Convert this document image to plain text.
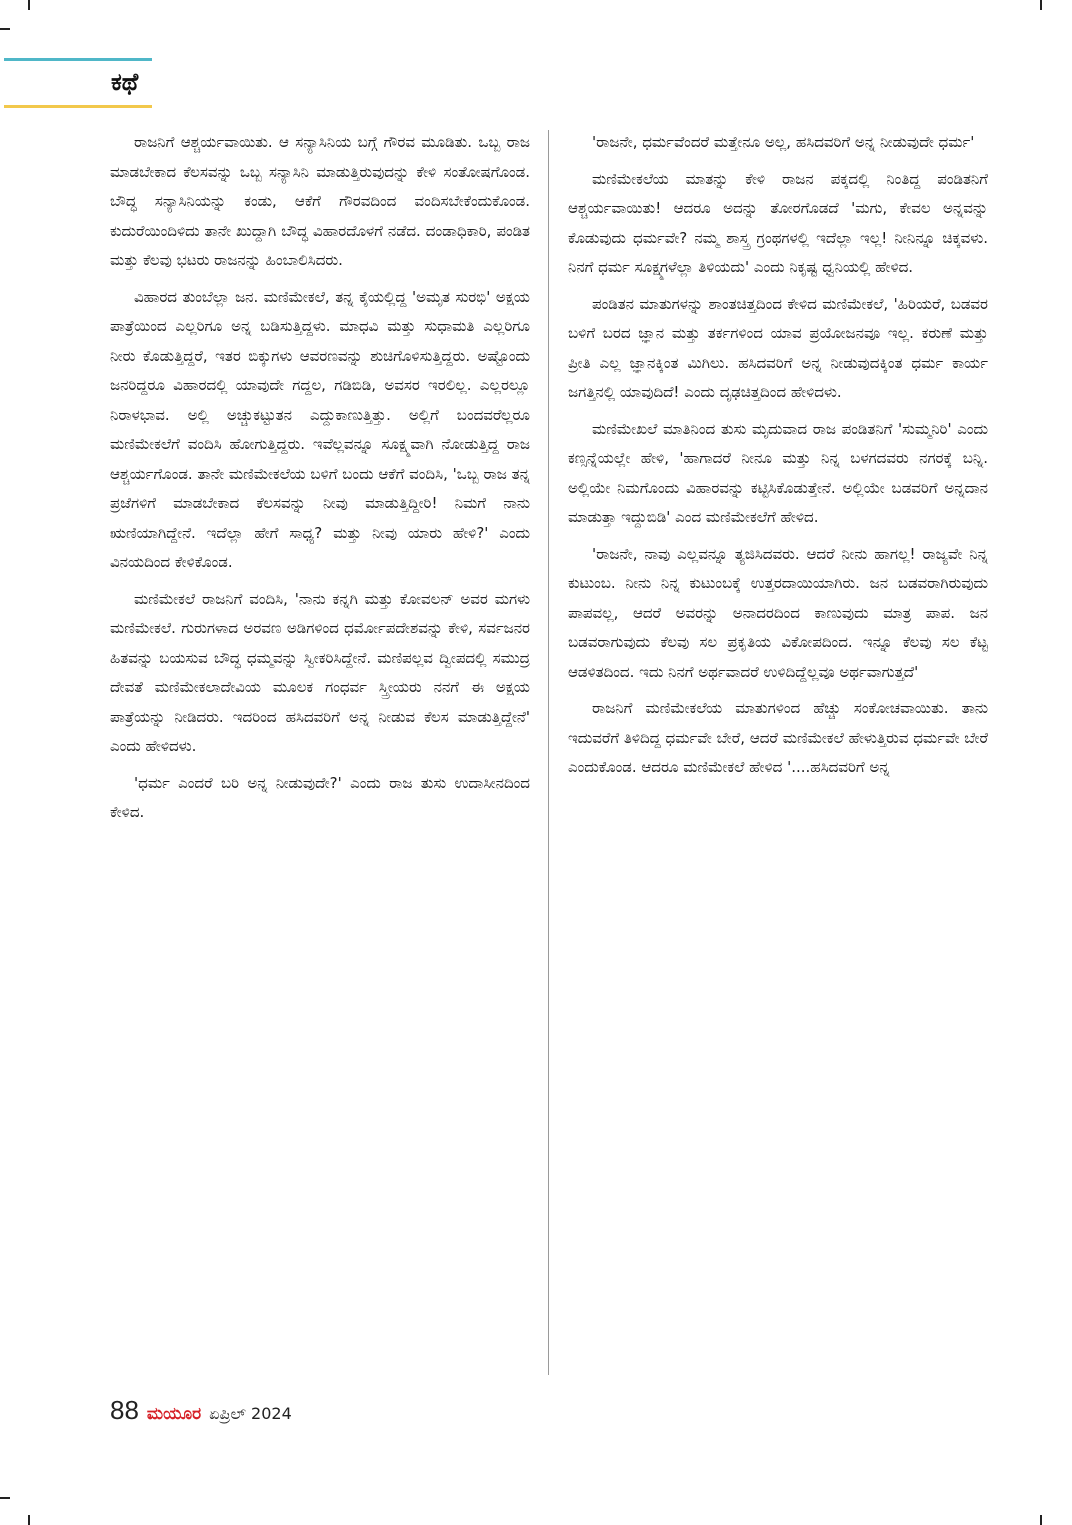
ಕಥೆ

ರಾಜನಿಗೆ ಆಶ್ಚರ್ಯವಾಯಿತು. ಆ ಸನ್ಯಾಸಿನಿಯ ಬಗ್ಗೆ ಗೌರವ ಮೂಡಿತು. ಒಬ್ಬ ರಾಜ ಮಾಡಬೇಕಾದ ಕೆಲಸವನ್ನು ಒಬ್ಬ ಸನ್ಯಾಸಿನಿ ಮಾಡುತ್ತಿರುವುದನ್ನು ಕೇಳಿ ಸಂತೋಷಗೊಂಡ. ಬೌದ್ಧ ಸನ್ಯಾಸಿನಿಯನ್ನು ಕಂಡು, ಆಕೆಗೆ ಗೌರವದಿಂದ ವಂದಿಸಬೇಕೆಂದುಕೊಂಡ. ಕುದುರೆಯಿಂದಿಳಿದು ತಾನೇ ಖುದ್ದಾಗಿ ಬೌದ್ಧ ವಿಹಾರದೊಳಗೆ ನಡೆದ. ದಂಡಾಧಿಕಾರಿ, ಪಂಡಿತ ಮತ್ತು ಕೆಲವು ಭಟರು ರಾಜನನ್ನು ಹಿಂಬಾಲಿಸಿದರು.

ವಿಹಾರದ ತುಂಬೆಲ್ಲಾ ಜನ. ಮಣಿಮೇಕಲೆ, ತನ್ನ ಕೈಯಲ್ಲಿದ್ದ 'ಅಮೃತ ಸುರಭಿ' ಅಕ್ಷಯ ಪಾತ್ರೆಯಿಂದ ಎಲ್ಲರಿಗೂ ಅನ್ನ ಬಡಿಸುತ್ತಿದ್ದಳು. ಮಾಧವಿ ಮತ್ತು ಸುಧಾಮತಿ ಎಲ್ಲರಿಗೂ ನೀರು ಕೊಡುತ್ತಿದ್ದರೆ, ಇತರ ಬಿಕ್ಕುಗಳು ಆವರಣವನ್ನು ಶುಚಿಗೊಳಿಸುತ್ತಿದ್ದರು. ಅಷ್ಟೊಂದು ಜನರಿದ್ದರೂ ವಿಹಾರದಲ್ಲಿ ಯಾವುದೇ ಗದ್ದಲ, ಗಡಿಬಿಡಿ, ಅವಸರ ಇರಲಿಲ್ಲ. ಎಲ್ಲರಲ್ಲೂ ನಿರಾಳಭಾವ. ಅಲ್ಲಿ ಅಚ್ಚುಕಟ್ಟುತನ ಎದ್ದುಕಾಣುತ್ತಿತ್ತು. ಅಲ್ಲಿಗೆ ಬಂದವರೆಲ್ಲರೂ ಮಣಿಮೇಕಲೆಗೆ ವಂದಿಸಿ ಹೋಗುತ್ತಿದ್ದರು. ಇವೆಲ್ಲವನ್ನೂ ಸೂಕ್ಷ್ಮವಾಗಿ ನೋಡುತ್ತಿದ್ದ ರಾಜ ಆಶ್ಚರ್ಯಗೊಂಡ. ತಾನೇ ಮಣಿಮೇಕಲೆಯ ಬಳಿಗೆ ಬಂದು ಆಕೆಗೆ ವಂದಿಸಿ, 'ಒಬ್ಬ ರಾಜ ತನ್ನ ಪ್ರಜೆಗಳಿಗೆ ಮಾಡಬೇಕಾದ ಕೆಲಸವನ್ನು ನೀವು ಮಾಡುತ್ತಿದ್ದೀರಿ! ನಿಮಗೆ ನಾನು ಋಣಿಯಾಗಿದ್ದೇನೆ. ಇದೆಲ್ಲಾ ಹೇಗೆ ಸಾಧ್ಯ? ಮತ್ತು ನೀವು ಯಾರು ಹೇಳಿ?' ಎಂದು ವಿನಯದಿಂದ ಕೇಳಿಕೊಂಡ.

ಮಣಿಮೇಕಲೆ ರಾಜನಿಗೆ ವಂದಿಸಿ, 'ನಾನು ಕನ್ನಗಿ ಮತ್ತು ಕೋವಲನ್ ಅವರ ಮಗಳು ಮಣಿಮೇಕಲೆ. ಗುರುಗಳಾದ ಅರವಣ ಅಡಿಗಳಿಂದ ಧರ್ಮೋಪದೇಶವನ್ನು ಕೇಳಿ, ಸರ್ವಜನರ ಹಿತವನ್ನು ಬಯಸುವ ಬೌದ್ಧ ಧಮ್ಮವನ್ನು ಸ್ವೀಕರಿಸಿದ್ದೇನೆ. ಮಣಿಪಲ್ಲವ ದ್ವೀಪದಲ್ಲಿ ಸಮುದ್ರ ದೇವತೆ ಮಣಿಮೇಕಲಾದೇವಿಯ ಮೂಲಕ ಗಂಧರ್ವ ಸ್ತ್ರೀಯರು ನನಗೆ ಈ ಅಕ್ಷಯ ಪಾತ್ರೆಯನ್ನು ನೀಡಿದರು. ಇದರಿಂದ ಹಸಿದವರಿಗೆ ಅನ್ನ ನೀಡುವ ಕೆಲಸ ಮಾಡುತ್ತಿದ್ದೇನೆ' ಎಂದು ಹೇಳಿದಳು.

'ಧರ್ಮ ಎಂದರೆ ಬರಿ ಅನ್ನ ನೀಡುವುದೇ?' ಎಂದು ರಾಜ ತುಸು ಉದಾಸೀನದಿಂದ ಕೇಳಿದ.

'ರಾಜನೇ, ಧರ್ಮವೆಂದರೆ ಮತ್ತೇನೂ ಅಲ್ಲ, ಹಸಿದವರಿಗೆ ಅನ್ನ ನೀಡುವುದೇ ಧರ್ಮ'

ಮಣಿಮೇಕಲೆಯ ಮಾತನ್ನು ಕೇಳಿ ರಾಜನ ಪಕ್ಕದಲ್ಲಿ ನಿಂತಿದ್ದ ಪಂಡಿತನಿಗೆ ಆಶ್ಚರ್ಯವಾಯಿತು! ಆದರೂ ಅದನ್ನು ತೋರಗೊಡದೆ 'ಮಗು, ಕೇವಲ ಅನ್ನವನ್ನು ಕೊಡುವುದು ಧರ್ಮವೇ? ನಮ್ಮ ಶಾಸ್ತ್ರ ಗ್ರಂಥಗಳಲ್ಲಿ ಇದೆಲ್ಲಾ ಇಲ್ಲ! ನೀನಿನ್ನೂ ಚಿಕ್ಕವಳು. ನಿನಗೆ ಧರ್ಮ ಸೂಕ್ಷ್ಮಗಳೆಲ್ಲಾ ತಿಳಿಯದು' ಎಂದು ನಿಕೃಷ್ಟ ಧ್ವನಿಯಲ್ಲಿ ಹೇಳಿದ.

ಪಂಡಿತನ ಮಾತುಗಳನ್ನು ಶಾಂತಚಿತ್ತದಿಂದ ಕೇಳಿದ ಮಣಿಮೇಕಲೆ, 'ಹಿರಿಯರೆ, ಬಡವರ ಬಳಿಗೆ ಬರದ ಜ್ಞಾನ ಮತ್ತು ತರ್ಕಗಳಿಂದ ಯಾವ ಪ್ರಯೋಜನವೂ ಇಲ್ಲ. ಕರುಣೆ ಮತ್ತು ಪ್ರೀತಿ ಎಲ್ಲ ಜ್ಞಾನಕ್ಕಿಂತ ಮಿಗಿಲು. ಹಸಿದವರಿಗೆ ಅನ್ನ ನೀಡುವುದಕ್ಕಿಂತ ಧರ್ಮ ಕಾರ್ಯ ಜಗತ್ತಿನಲ್ಲಿ ಯಾವುದಿದೆ! ಎಂದು ದೃಢಚಿತ್ತದಿಂದ ಹೇಳಿದಳು.

ಮಣಿಮೇಖಲೆ ಮಾತಿನಿಂದ ತುಸು ಮೃದುವಾದ ರಾಜ ಪಂಡಿತನಿಗೆ 'ಸುಮ್ಮನಿರಿ' ಎಂದು ಕಣ್ಸನ್ನೆಯಲ್ಲೇ ಹೇಳಿ, 'ಹಾಗಾದರೆ ನೀನೂ ಮತ್ತು ನಿನ್ನ ಬಳಗದವರು ನಗರಕ್ಕೆ ಬನ್ನಿ. ಅಲ್ಲಿಯೇ ನಿಮಗೊಂದು ವಿಹಾರವನ್ನು ಕಟ್ಟಿಸಿಕೊಡುತ್ತೇನೆ. ಅಲ್ಲಿಯೇ ಬಡವರಿಗೆ ಅನ್ನದಾನ ಮಾಡುತ್ತಾ ಇದ್ದುಬಿಡಿ' ಎಂದ ಮಣಿಮೇಕಲೆಗೆ ಹೇಳಿದ.

'ರಾಜನೇ, ನಾವು ಎಲ್ಲವನ್ನೂ ತ್ಯಜಿಸಿದವರು. ಆದರೆ ನೀನು ಹಾಗಲ್ಲ! ರಾಜ್ಯವೇ ನಿನ್ನ ಕುಟುಂಬ. ನೀನು ನಿನ್ನ ಕುಟುಂಬಕ್ಕೆ ಉತ್ತರದಾಯಿಯಾಗಿರು. ಜನ ಬಡವರಾಗಿರುವುದು ಪಾಪವಲ್ಲ, ಆದರೆ ಅವರನ್ನು ಅನಾದರದಿಂದ ಕಾಣುವುದು ಮಾತ್ರ ಪಾಪ. ಜನ ಬಡವರಾಗುವುದು ಕೆಲವು ಸಲ ಪ್ರಕೃತಿಯ ವಿಕೋಪದಿಂದ. ಇನ್ನೂ ಕೆಲವು ಸಲ ಕೆಟ್ಟ ಆಡಳಿತದಿಂದ. ಇದು ನಿನಗೆ ಅರ್ಥವಾದರೆ ಉಳಿದಿದ್ದೆಲ್ಲವೂ ಅರ್ಥವಾಗುತ್ತದೆ'

ರಾಜನಿಗೆ ಮಣಿಮೇಕಲೆಯ ಮಾತುಗಳಿಂದ ಹೆಚ್ಚು ಸಂಕೋಚವಾಯಿತು. ತಾನು ಇದುವರೆಗೆ ತಿಳಿದಿದ್ದ ಧರ್ಮವೇ ಬೇರೆ, ಆದರೆ ಮಣಿಮೇಕಲೆ ಹೇಳುತ್ತಿರುವ ಧರ್ಮವೇ ಬೇರೆ ಎಂದುಕೊಂಡ. ಆದರೂ ಮಣಿಮೇಕಲೆ ಹೇಳಿದ '....ಹಸಿದವರಿಗೆ ಅನ್ನ

88 ಮಯೂರ ಏಪ್ರಿಲ್ 2024
